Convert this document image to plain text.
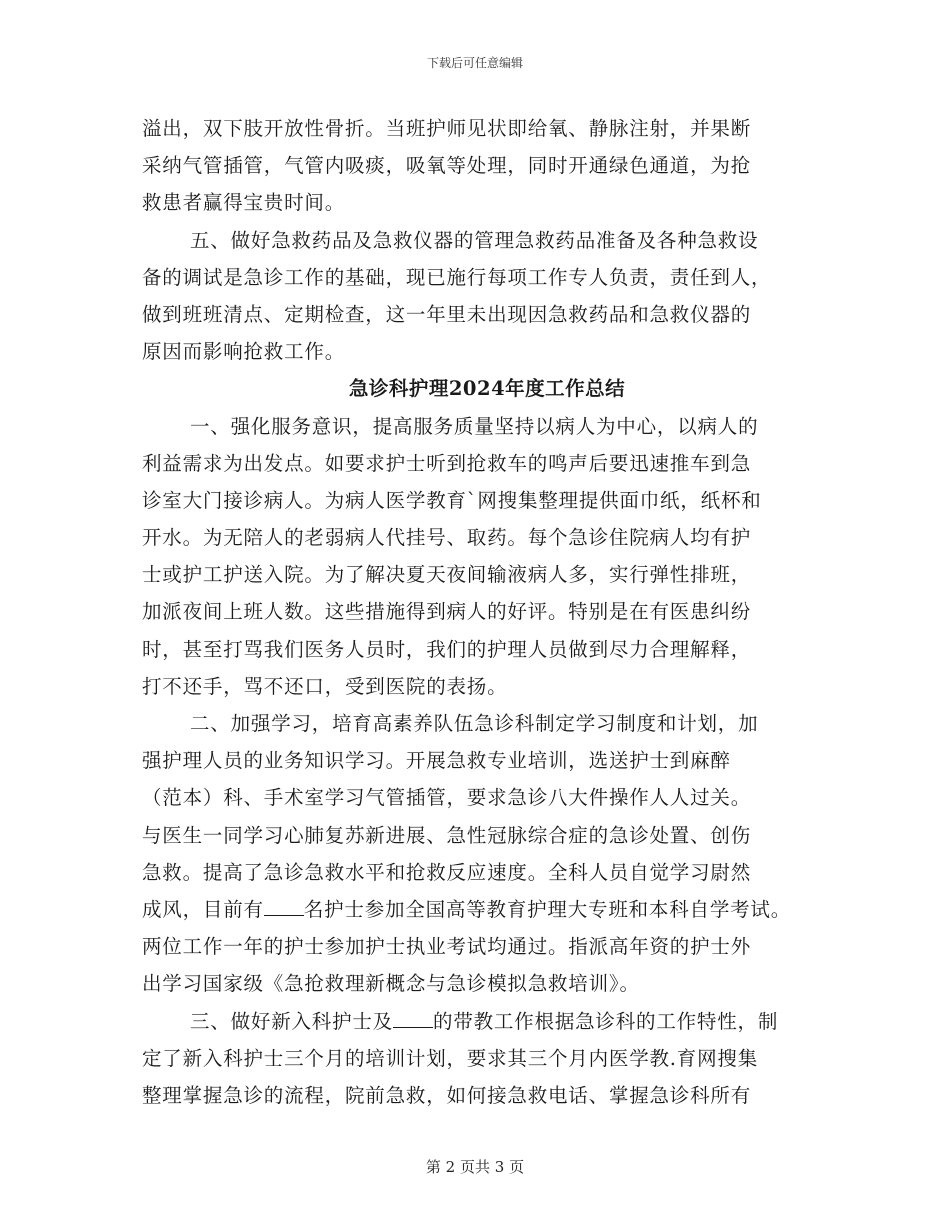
下载后可任意编辑
溢出，双下肢开放性骨折。当班护师见状即给氧、静脉注射，并果断
采纳气管插管，气管内吸痰，吸氧等处理，同时开通绿色通道，为抢
救患者赢得宝贵时间。
五、做好急救药品及急救仪器的管理急救药品准备及各种急救设
备的调试是急诊工作的基础，现已施行每项工作专人负责，责任到人，
做到班班清点、定期检查，这一年里未出现因急救药品和急救仪器的
原因而影响抢救工作。
急诊科护理2024年度工作总结
一、强化服务意识，提高服务质量坚持以病人为中心，以病人的
利益需求为出发点。如要求护士听到抢救车的鸣声后要迅速推车到急
诊室大门接诊病人。为病人医学教育`网搜集整理提供面巾纸，纸杯和
开水。为无陪人的老弱病人代挂号、取药。每个急诊住院病人均有护
士或护工护送入院。为了解决夏天夜间输液病人多，实行弹性排班，
加派夜间上班人数。这些措施得到病人的好评。特别是在有医患纠纷
时，甚至打骂我们医务人员时，我们的护理人员做到尽力合理解释，
打不还手，骂不还口，受到医院的表扬。
二、加强学习，培育高素养队伍急诊科制定学习制度和计划，加
强护理人员的业务知识学习。开展急救专业培训，选送护士到麻醉
（范本）科、手术室学习气管插管，要求急诊八大件操作人人过关。
与医生一同学习心肺复苏新进展、急性冠脉综合症的急诊处置、创伤
急救。提高了急诊急救水平和抢救反应速度。全科人员自觉学习尉然
成风，目前有 名护士参加全国高等教育护理大专班和本科自学考试。
两位工作一年的护士参加护士执业考试均通过。指派高年资的护士外
出学习国家级《急抢救理新概念与急诊模拟急救培训》。
三、做好新入科护士及 的带教工作根据急诊科的工作特性，制
定了新入科护士三个月的培训计划，要求其三个月内医学教.育网搜集
整理掌握急诊的流程，院前急救，如何接急救电话、掌握急诊科所有
第 2 页共 3 页
